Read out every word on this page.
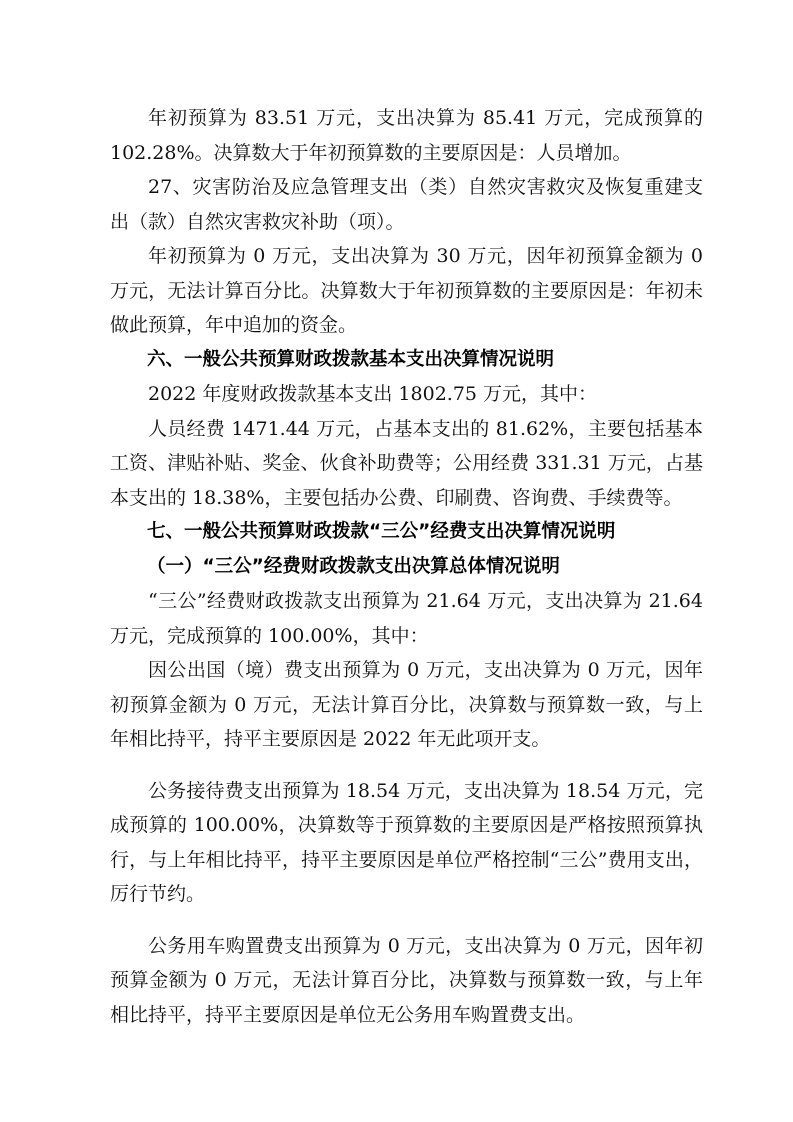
年初预算为 83.51 万元，支出决算为 85.41 万元，完成预算的 102.28%。决算数大于年初预算数的主要原因是：人员增加。

27、灾害防治及应急管理支出（类）自然灾害救灾及恢复重建支出（款）自然灾害救灾补助（项）。

年初预算为 0 万元，支出决算为 30 万元，因年初预算金额为 0 万元，无法计算百分比。决算数大于年初预算数的主要原因是：年初未做此预算，年中追加的资金。

六、一般公共预算财政拨款基本支出决算情况说明

2022 年度财政拨款基本支出 1802.75 万元，其中：

人员经费 1471.44 万元，占基本支出的 81.62%，主要包括基本工资、津贴补贴、奖金、伙食补助费等；公用经费 331.31 万元，占基本支出的 18.38%，主要包括办公费、印刷费、咨询费、手续费等。

七、一般公共预算财政拨款“三公”经费支出决算情况说明

（一）“三公”经费财政拨款支出决算总体情况说明

“三公”经费财政拨款支出预算为 21.64 万元，支出决算为 21.64 万元，完成预算的 100.00%，其中：

因公出国（境）费支出预算为 0 万元，支出决算为 0 万元，因年初预算金额为 0 万元，无法计算百分比，决算数与预算数一致，与上年相比持平，持平主要原因是 2022 年无此项开支。

公务接待费支出预算为 18.54 万元，支出决算为 18.54 万元，完成预算的 100.00%，决算数等于预算数的主要原因是严格按照预算执行，与上年相比持平，持平主要原因是单位严格控制“三公”费用支出，厉行节约。

公务用车购置费支出预算为 0 万元，支出决算为 0 万元，因年初预算金额为 0 万元，无法计算百分比，决算数与预算数一致，与上年相比持平，持平主要原因是单位无公务用车购置费支出。
